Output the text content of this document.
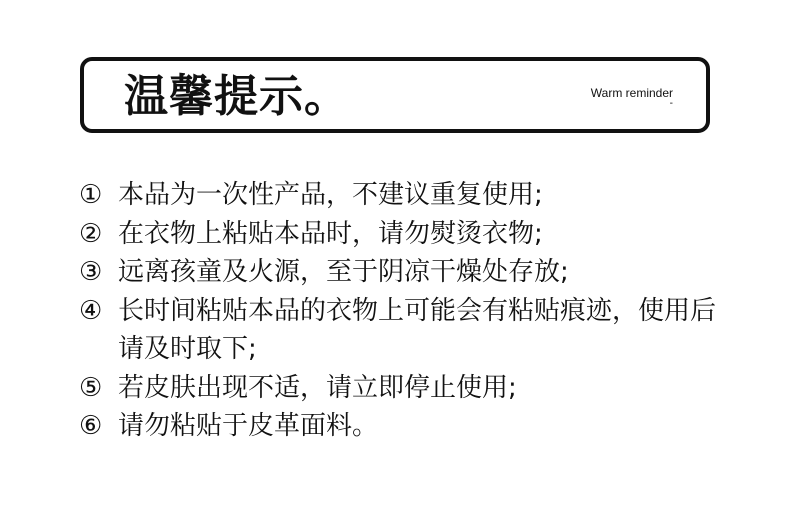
温馨提示。	Warm reminder
-
① 本品为一次性产品，不建议重复使用;
② 在衣物上粘贴本品时，请勿熨烫衣物;
③ 远离孩童及火源，至于阴凉干燥处存放;
④ 长时间粘贴本品的衣物上可能会有粘贴痕迹，使用后请及时取下;
⑤ 若皮肤出现不适，请立即停止使用;
⑥ 请勿粘贴于皮革面料。
